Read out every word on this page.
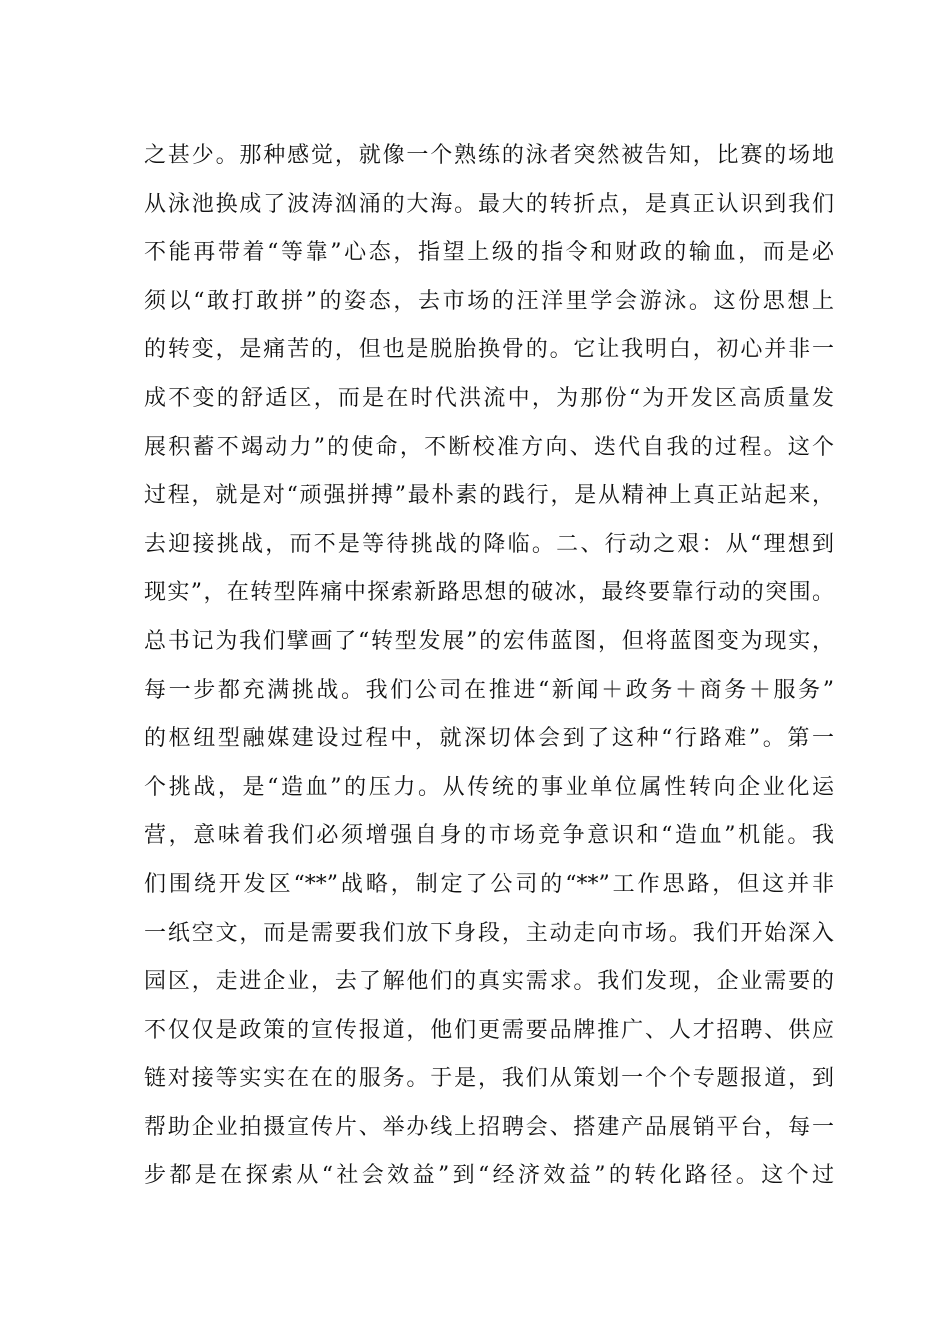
之甚少。那种感觉，就像一个熟练的泳者突然被告知，比赛的场地
从泳池换成了波涛汹涌的大海。最大的转折点，是真正认识到我们
不能再带着“等靠”心态，指望上级的指令和财政的输血，而是必
须以“敢打敢拼”的姿态，去市场的汪洋里学会游泳。这份思想上
的转变，是痛苦的，但也是脱胎换骨的。它让我明白，初心并非一
成不变的舒适区，而是在时代洪流中，为那份“为开发区高质量发
展积蓄不竭动力”的使命，不断校准方向、迭代自我的过程。这个
过程，就是对“顽强拼搏”最朴素的践行，是从精神上真正站起来，
去迎接挑战，而不是等待挑战的降临。二、行动之艰：从“理想到
现实”，在转型阵痛中探索新路思想的破冰，最终要靠行动的突围。
总书记为我们擘画了“转型发展”的宏伟蓝图，但将蓝图变为现实，
每一步都充满挑战。我们公司在推进“新闻＋政务＋商务＋服务”
的枢纽型融媒建设过程中，就深切体会到了这种“行路难”。第一
个挑战，是“造血”的压力。从传统的事业单位属性转向企业化运
营，意味着我们必须增强自身的市场竞争意识和“造血”机能。我
们围绕开发区“**”战略，制定了公司的“**”工作思路，但这并非
一纸空文，而是需要我们放下身段，主动走向市场。我们开始深入
园区，走进企业，去了解他们的真实需求。我们发现，企业需要的
不仅仅是政策的宣传报道，他们更需要品牌推广、人才招聘、供应
链对接等实实在在的服务。于是，我们从策划一个个专题报道，到
帮助企业拍摄宣传片、举办线上招聘会、搭建产品展销平台，每一
步都是在探索从“社会效益”到“经济效益”的转化路径。这个过
